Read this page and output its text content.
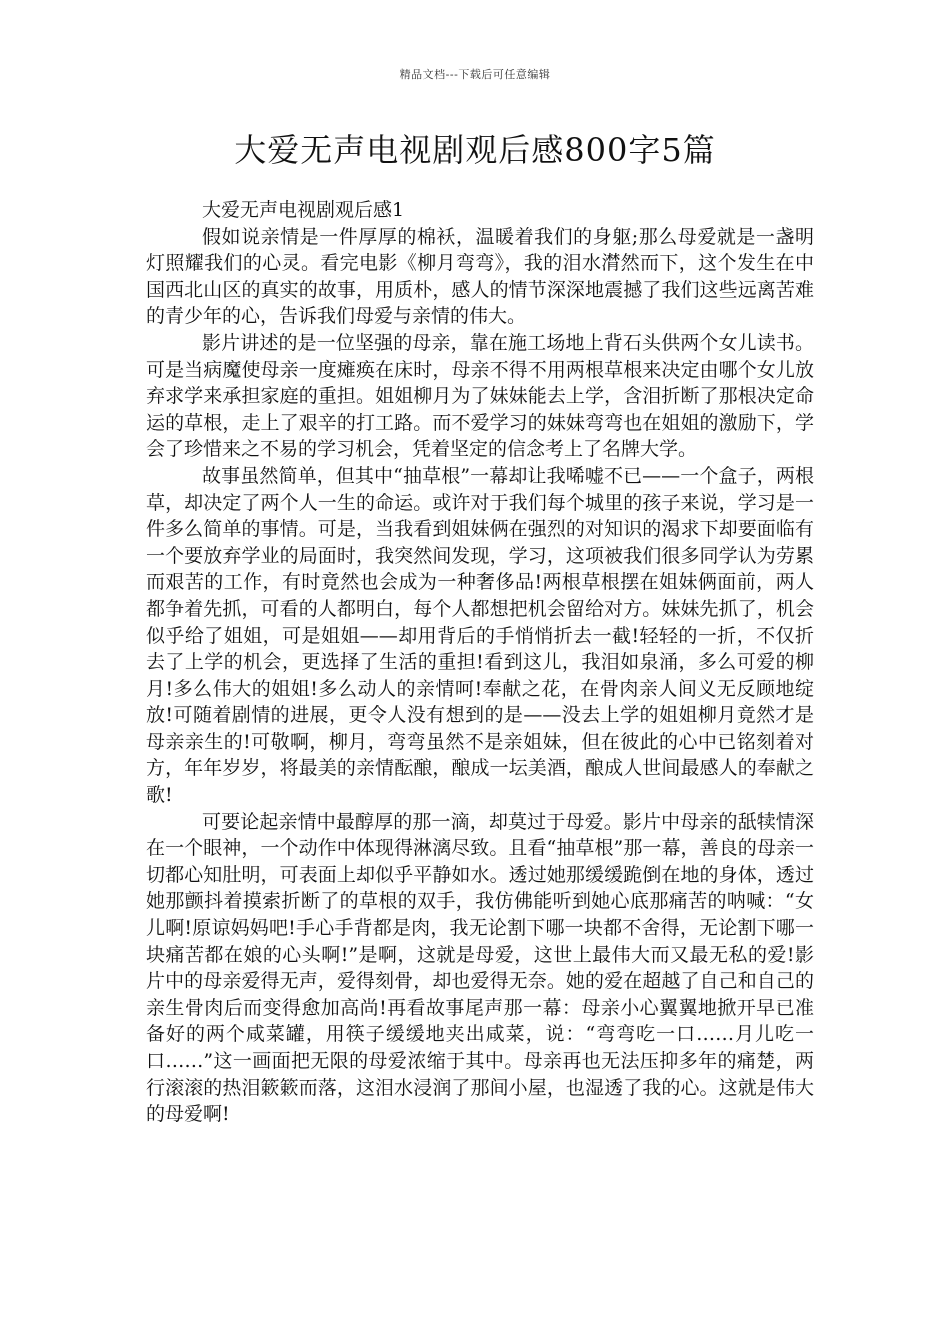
精品文档---下载后可任意编辑
大爱无声电视剧观后感800字5篇
大爱无声电视剧观后感1

假如说亲情是一件厚厚的棉袄，温暖着我们的身躯;那么母爱就是一盏明灯照耀我们的心灵。看完电影《柳月弯弯》，我的泪水潸然而下，这个发生在中国西北山区的真实的故事，用质朴，感人的情节深深地震撼了我们这些远离苦难的青少年的心，告诉我们母爱与亲情的伟大。

影片讲述的是一位坚强的母亲，靠在施工场地上背石头供两个女儿读书。可是当病魔使母亲一度瘫痪在床时，母亲不得不用两根草根来决定由哪个女儿放弃求学来承担家庭的重担。姐姐柳月为了妹妹能去上学，含泪折断了那根决定命运的草根，走上了艰辛的打工路。而不爱学习的妹妹弯弯也在姐姐的激励下，学会了珍惜来之不易的学习机会，凭着坚定的信念考上了名牌大学。

故事虽然简单，但其中“抽草根”一幕却让我唏嘘不已——一个盒子，两根草，却决定了两个人一生的命运。或许对于我们每个城里的孩子来说，学习是一件多么简单的事情。可是，当我看到姐妹俩在强烈的对知识的渴求下却要面临有一个要放弃学业的局面时，我突然间发现，学习，这项被我们很多同学认为劳累而艰苦的工作，有时竟然也会成为一种奢侈品!两根草根摆在姐妹俩面前，两人都争着先抓，可看的人都明白，每个人都想把机会留给对方。妹妹先抓了，机会似乎给了姐姐，可是姐姐——却用背后的手悄悄折去一截!轻轻的一折，不仅折去了上学的机会，更选择了生活的重担!看到这儿，我泪如泉涌，多么可爱的柳月!多么伟大的姐姐!多么动人的亲情呵!奉献之花，在骨肉亲人间义无反顾地绽放!可随着剧情的进展，更令人没有想到的是——没去上学的姐姐柳月竟然才是母亲亲生的!可敬啊，柳月，弯弯虽然不是亲姐妹，但在彼此的心中已铭刻着对方，年年岁岁，将最美的亲情酝酿，酿成一坛美酒，酿成人世间最感人的奉献之歌!

可要论起亲情中最醇厚的那一滴，却莫过于母爱。影片中母亲的舐犊情深在一个眼神，一个动作中体现得淋漓尽致。且看“抽草根”那一幕，善良的母亲一切都心知肚明，可表面上却似乎平静如水。透过她那缓缓跪倒在地的身体，透过她那颤抖着摸索折断了的草根的双手，我仿佛能听到她心底那痛苦的呐喊：“女儿啊!原谅妈妈吧!手心手背都是肉，我无论割下哪一块都不舍得，无论割下哪一块痛苦都在娘的心头啊!”是啊，这就是母爱，这世上最伟大而又最无私的爱!影片中的母亲爱得无声，爱得刻骨，却也爱得无奈。她的爱在超越了自己和自己的亲生骨肉后而变得愈加高尚!再看故事尾声那一幕：母亲小心翼翼地掀开早已准备好的两个咸菜罐，用筷子缓缓地夹出咸菜，说：“弯弯吃一口……月儿吃一口……”这一画面把无限的母爱浓缩于其中。母亲再也无法压抑多年的痛楚，两行滚滚的热泪簌簌而落，这泪水浸润了那间小屋，也湿透了我的心。这就是伟大的母爱啊!
